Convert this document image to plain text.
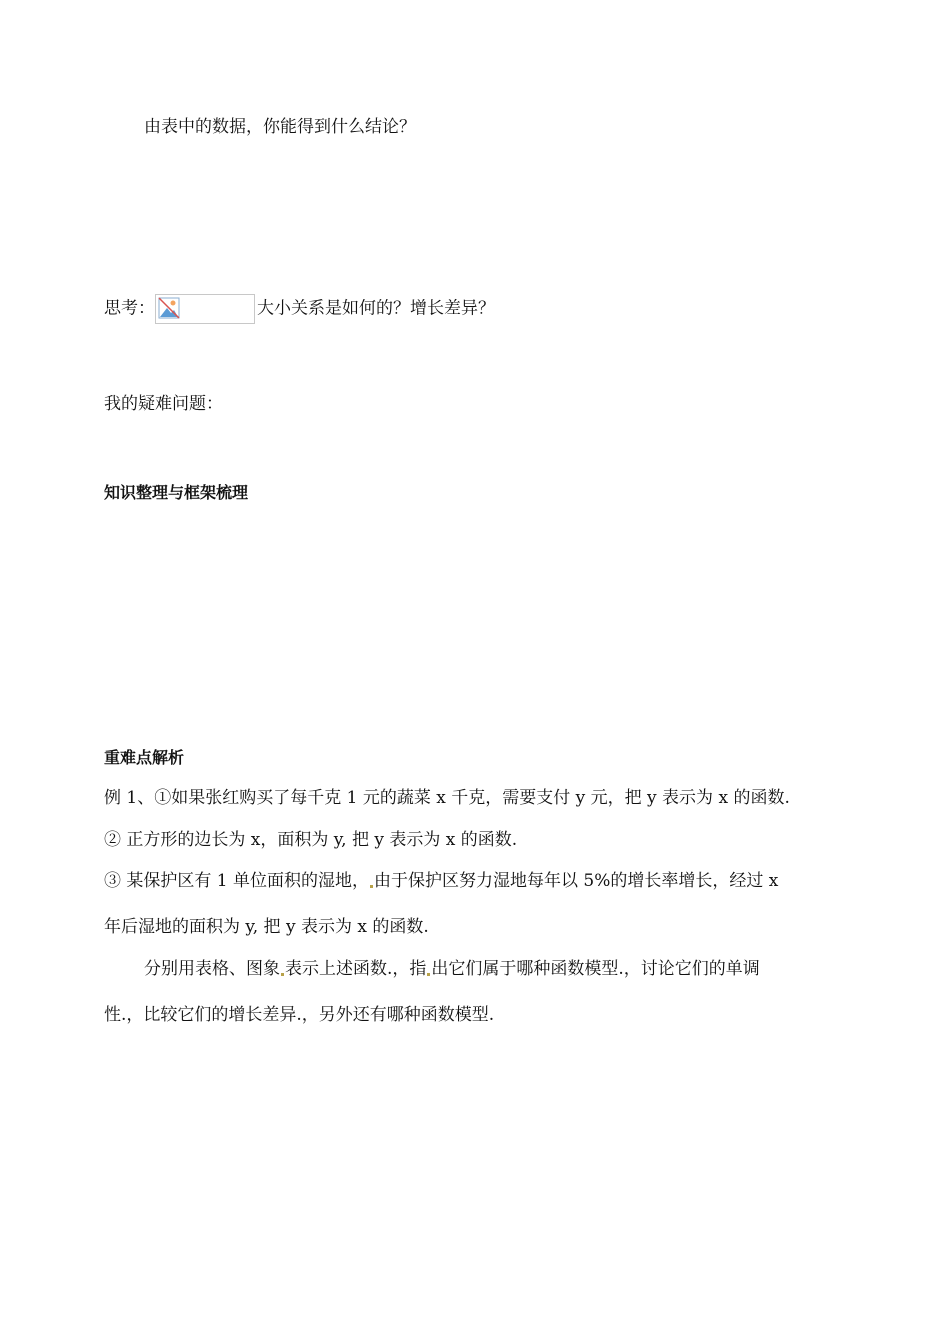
由表中的数据，你能得到什么结论？
思考：	大小关系是如何的？增长差异？
我的疑难问题：
知识整理与框架梳理
重难点解析
例 1、①如果张红购买了每千克 1 元的蔬菜 x 千克，需要支付 y 元，把 y 表示为 x 的函数.
② 正方形的边长为 x，面积为 y, 把 y 表示为 x 的函数.
③ 某保护区有 1 单位面积的湿地， 由于保护区努力湿地每年以 5%的增长率增长，经过 x
年后湿地的面积为 y, 把 y 表示为 x 的函数.
分别用表格、图象 表示上述函数.，指 出它们属于哪种函数模型.，讨论它们的单调
性.，比较它们的增长差异.，另外还有哪种函数模型.
